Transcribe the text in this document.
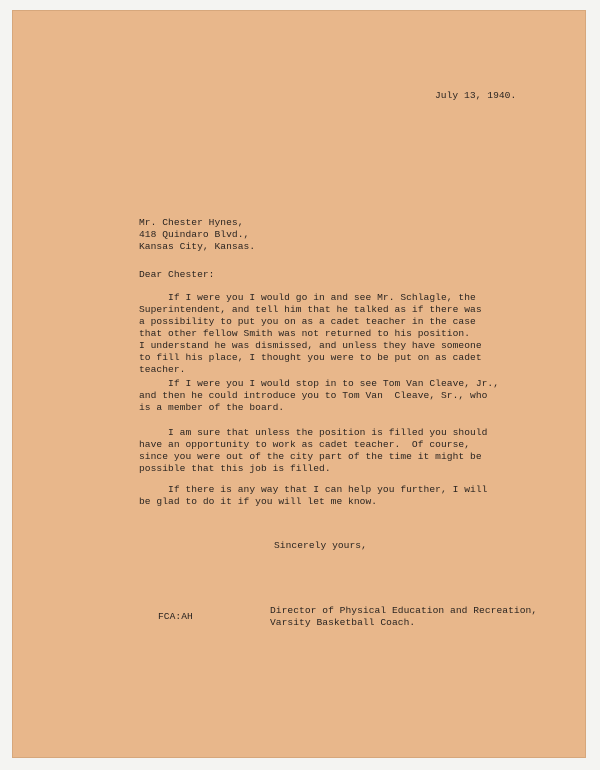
July 13, 1940.
Mr. Chester Hynes,
418 Quindaro Blvd.,
Kansas City, Kansas.
Dear Chester:
If I were you I would go in and see Mr. Schlagle, the
Superintendent, and tell him that he talked as if there was
a possibility to put you on as a cadet teacher in the case
that other fellow Smith was not returned to his position.
I understand he was dismissed, and unless they have someone
to fill his place, I thought you were to be put on as cadet
teacher.
If I were you I would stop in to see Tom Van Cleave, Jr.,
and then he could introduce you to Tom Van  Cleave, Sr., who
is a member of the board.
I am sure that unless the position is filled you should
have an opportunity to work as cadet teacher.  Of course,
since you were out of the city part of the time it might be
possible that this job is filled.
If there is any way that I can help you further, I will
be glad to do it if you will let me know.
Sincerely yours,
Director of Physical Education and Recreation,
Varsity Basketball Coach.
FCA:AH
